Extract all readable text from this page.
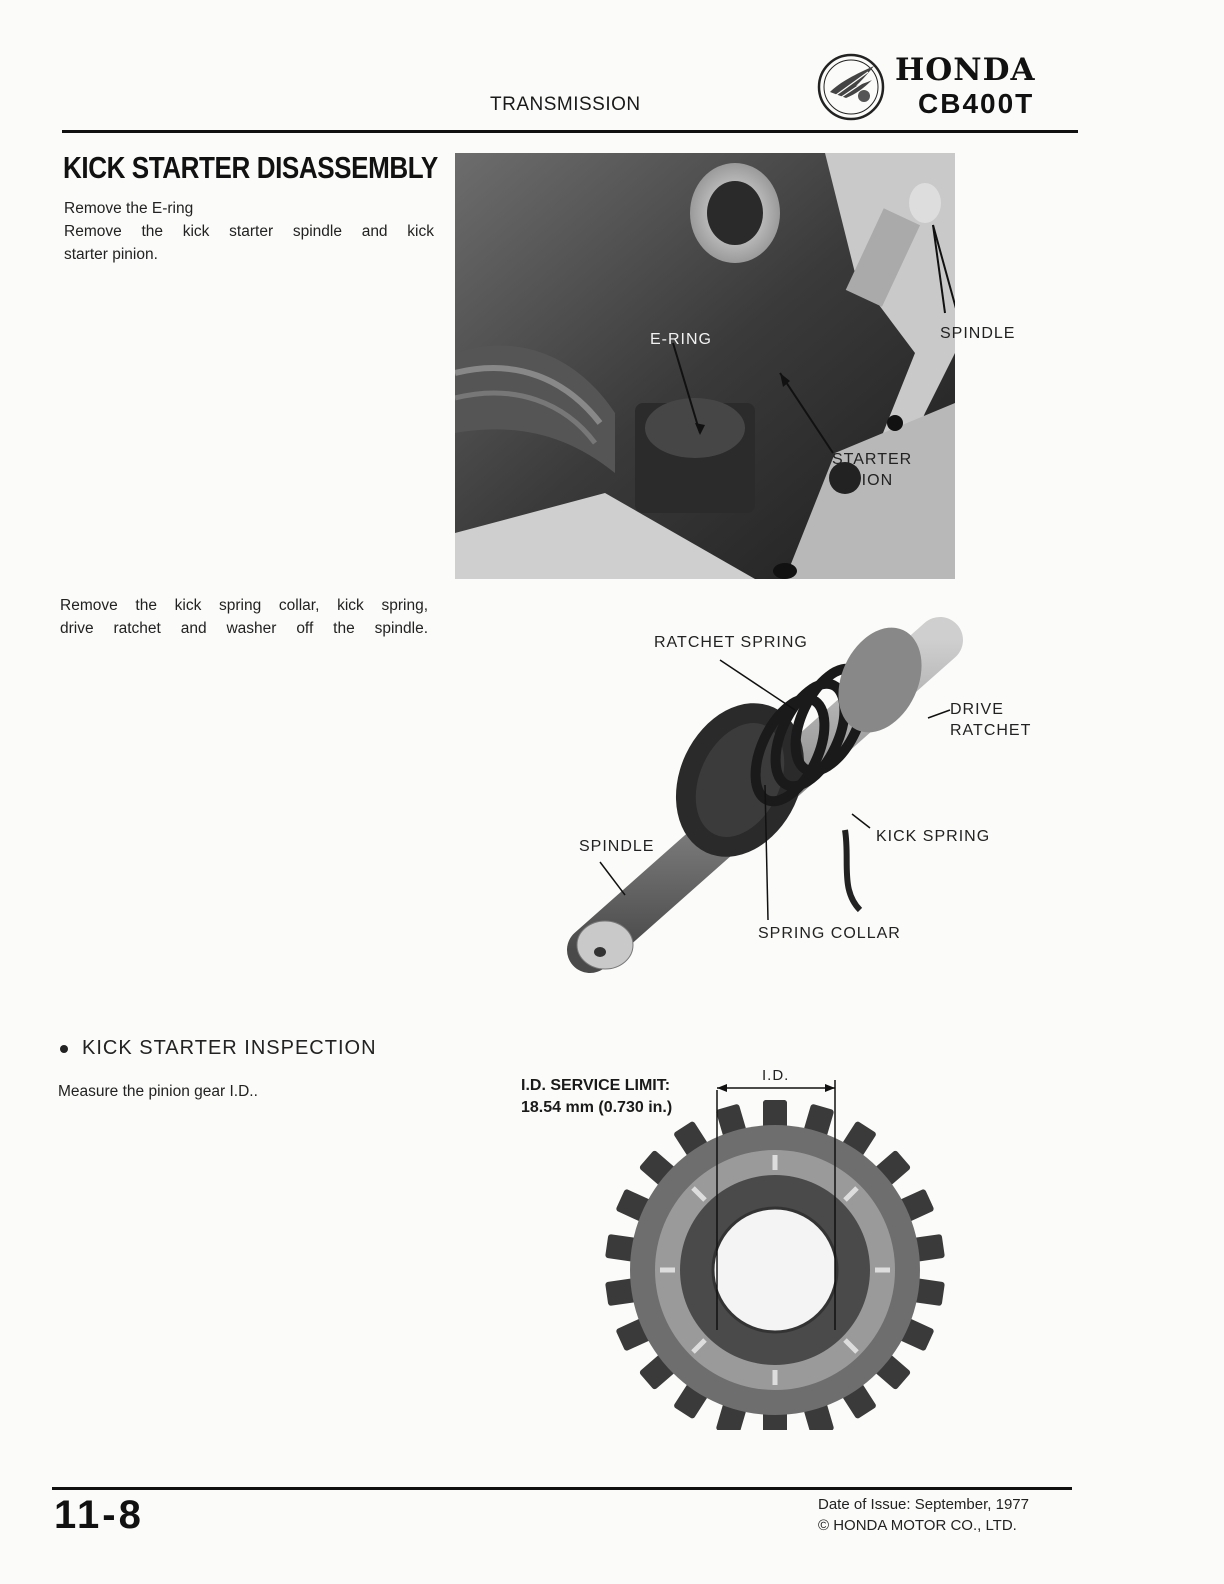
TRANSMISSION
HONDA
CB400T
KICK STARTER DISASSEMBLY
Remove the E-ring
Remove the kick starter spindle and kick
starter pinion.
Remove the kick spring collar, kick spring,
drive ratchet and washer off the spindle.
KICK STARTER INSPECTION
Measure the pinion gear I.D..
E-RING	SPINDLE
STARTER
PINION
RATCHET SPRING
DRIVE
RATCHET
KICK SPRING
SPINDLE
SPRING COLLAR
I.D. SERVICE LIMIT:
18.54 mm (0.730 in.)
I.D.
11-8	Date of Issue: September, 1977
© HONDA MOTOR CO., LTD.
